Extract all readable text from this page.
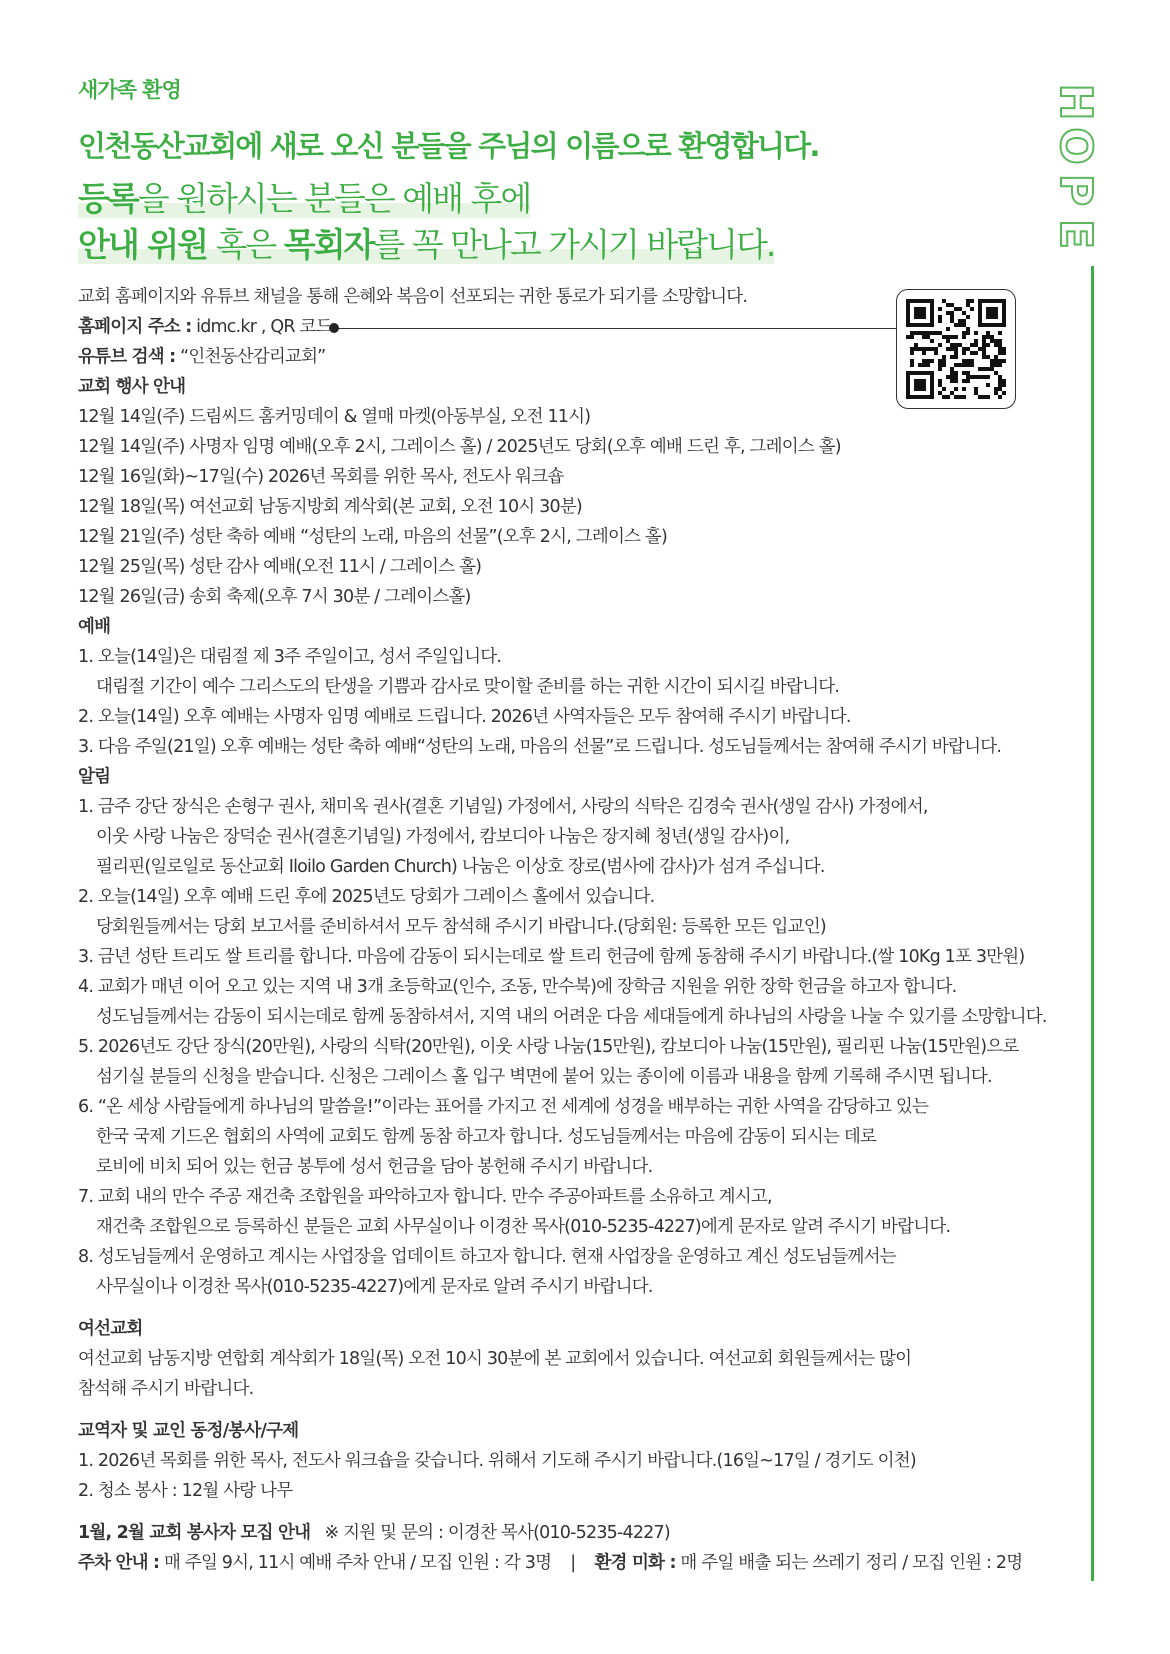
새가족 환영
인천동산교회에 새로 오신 분들을 주님의 이름으로 환영합니다.
등록을 원하시는 분들은 예배 후에
안내 위원 혹은 목회자를 꼭 만나고 가시기 바랍니다.
H
O
P
E

교회 홈페이지와 유튜브 채널을 통해 은혜와 복음이 선포되는 귀한 통로가 되기를 소망합니다.

홈페이지 주소 : idmc.kr , QR 코드

유튜브 검색 : “인천동산감리교회”

교회 행사 안내

12월 14일(주) 드림씨드 홈커밍데이 & 열매 마켓(아동부실, 오전 11시)

12월 14일(주) 사명자 임명 예배(오후 2시, 그레이스 홀) / 2025년도 당회(오후 예배 드린 후, 그레이스 홀)

12월 16일(화)~17일(수) 2026년 목회를 위한 목사, 전도사 워크숍

12월 18일(목) 여선교회 남동지방회 계삭회(본 교회, 오전 10시 30분)

12월 21일(주) 성탄 축하 예배 “성탄의 노래, 마음의 선물”(오후 2시, 그레이스 홀)

12월 25일(목) 성탄 감사 예배(오전 11시 / 그레이스 홀)

12월 26일(금) 송회 축제(오후 7시 30분 / 그레이스홀)

예배

1. 오늘(14일)은 대림절 제 3주 주일이고, 성서 주일입니다.

대림절 기간이 예수 그리스도의 탄생을 기쁨과 감사로 맞이할 준비를 하는 귀한 시간이 되시길 바랍니다.

2. 오늘(14일) 오후 예배는 사명자 임명 예배로 드립니다. 2026년 사역자들은 모두 참여해 주시기 바랍니다.

3. 다음 주일(21일) 오후 예배는 성탄 축하 예배“성탄의 노래, 마음의 선물”로 드립니다. 성도님들께서는 참여해 주시기 바랍니다.

알림

1. 금주 강단 장식은 손형구 권사, 채미옥 권사(결혼 기념일) 가정에서, 사랑의 식탁은 김경숙 권사(생일 감사) 가정에서,

이웃 사랑 나눔은 장덕순 권사(결혼기념일) 가정에서, 캄보디아 나눔은 장지혜 청년(생일 감사)이,

필리핀(일로일로 동산교회 Iloilo Garden Church) 나눔은 이상호 장로(범사에 감사)가 섬겨 주십니다.

2. 오늘(14일) 오후 예배 드린 후에 2025년도 당회가 그레이스 홀에서 있습니다.

당회원들께서는 당회 보고서를 준비하셔서 모두 참석해 주시기 바랍니다.(당회원: 등록한 모든 입교인)

3. 금년 성탄 트리도 쌀 트리를 합니다. 마음에 감동이 되시는데로 쌀 트리 헌금에 함께 동참해 주시기 바랍니다.(쌀 10Kg 1포 3만원)

4. 교회가 매년 이어 오고 있는 지역 내 3개 초등학교(인수, 조동, 만수북)에 장학금 지원을 위한 장학 헌금을 하고자 합니다.

성도님들께서는 감동이 되시는데로 함께 동참하셔서, 지역 내의 어려운 다음 세대들에게 하나님의 사랑을 나눌 수 있기를 소망합니다.

5. 2026년도 강단 장식(20만원), 사랑의 식탁(20만원), 이웃 사랑 나눔(15만원), 캄보디아 나눔(15만원), 필리핀 나눔(15만원)으로

섬기실 분들의 신청을 받습니다. 신청은 그레이스 홀 입구 벽면에 붙어 있는 종이에 이름과 내용을 함께 기록해 주시면 됩니다.

6. “온 세상 사람들에게 하나님의 말씀을!”이라는 표어를 가지고 전 세계에 성경을 배부하는 귀한 사역을 감당하고 있는

한국 국제 기드온 협회의 사역에 교회도 함께 동참 하고자 합니다. 성도님들께서는 마음에 감동이 되시는 데로

로비에 비치 되어 있는 헌금 봉투에 성서 헌금을 담아 봉헌해 주시기 바랍니다.

7. 교회 내의 만수 주공 재건축 조합원을 파악하고자 합니다. 만수 주공아파트를 소유하고 계시고,

재건축 조합원으로 등록하신 분들은 교회 사무실이나 이경찬 목사(010-5235-4227)에게 문자로 알려 주시기 바랍니다.

8. 성도님들께서 운영하고 계시는 사업장을 업데이트 하고자 합니다. 현재 사업장을 운영하고 계신 성도님들께서는

사무실이나 이경찬 목사(010-5235-4227)에게 문자로 알려 주시기 바랍니다.

여선교회

여선교회 남동지방 연합회 계삭회가 18일(목) 오전 10시 30분에 본 교회에서 있습니다. 여선교회 회원들께서는 많이

참석해 주시기 바랍니다.

교역자 및 교인 동정/봉사/구제

1. 2026년 목회를 위한 목사, 전도사 워크숍을 갖습니다. 위해서 기도해 주시기 바랍니다.(16일~17일 / 경기도 이천)

2. 청소 봉사 : 12월 사랑 나무

1월, 2월 교회 봉사자 모집 안내 ※ 지원 및 문의 : 이경찬 목사(010-5235-4227)

주차 안내 : 매 주일 9시, 11시 예배 주차 안내 / 모집 인원 : 각 3명 | 환경 미화 : 매 주일 배출 되는 쓰레기 정리 / 모집 인원 : 2명
